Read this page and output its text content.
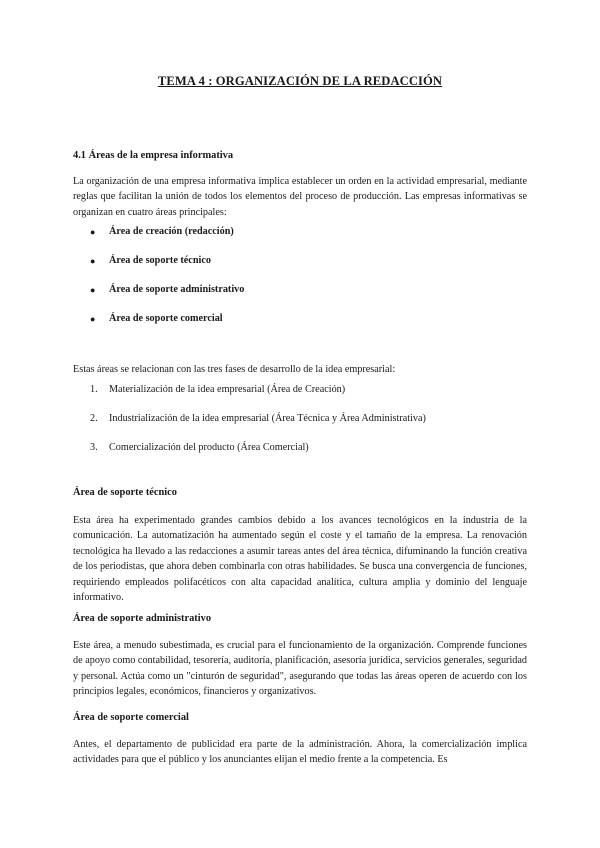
TEMA 4 : ORGANIZACIÓN DE LA REDACCIÓN
4.1 Áreas de la empresa informativa
La organización de una empresa informativa implica establecer un orden en la actividad empresarial, mediante reglas que facilitan la unión de todos los elementos del proceso de producción. Las empresas informativas se organizan en cuatro áreas principales:
● Área de creación (redacción)
● Área de soporte técnico
● Área de soporte administrativo
● Área de soporte comercial
Estas áreas se relacionan con las tres fases de desarrollo de la idea empresarial:
1. Materialización de la idea empresarial (Área de Creación)
2. Industrialización de la idea empresarial (Área Técnica y Área Administrativa)
3. Comercialización del producto (Área Comercial)
Área de soporte técnico
Esta área ha experimentado grandes cambios debido a los avances tecnológicos en la industria de la comunicación. La automatización ha aumentado según el coste y el tamaño de la empresa. La renovación tecnológica ha llevado a las redacciones a asumir tareas antes del área técnica, difuminando la función creativa de los periodistas, que ahora deben combinarla con otras habilidades. Se busca una convergencia de funciones, requiriendo empleados polifacéticos con alta capacidad analítica, cultura amplia y dominio del lenguaje informativo.
Área de soporte administrativo
Este área, a menudo subestimada, es crucial para el funcionamiento de la organización. Comprende funciones de apoyo como contabilidad, tesorería, auditoría, planificación, asesoría jurídica, servicios generales, seguridad y personal. Actúa como un "cinturón de seguridad", asegurando que todas las áreas operen de acuerdo con los principios legales, económicos, financieros y organizativos.
Área de soporte comercial
Antes, el departamento de publicidad era parte de la administración. Ahora, la comercialización implica actividades para que el público y los anunciantes elijan el medio frente a la competencia. Es
